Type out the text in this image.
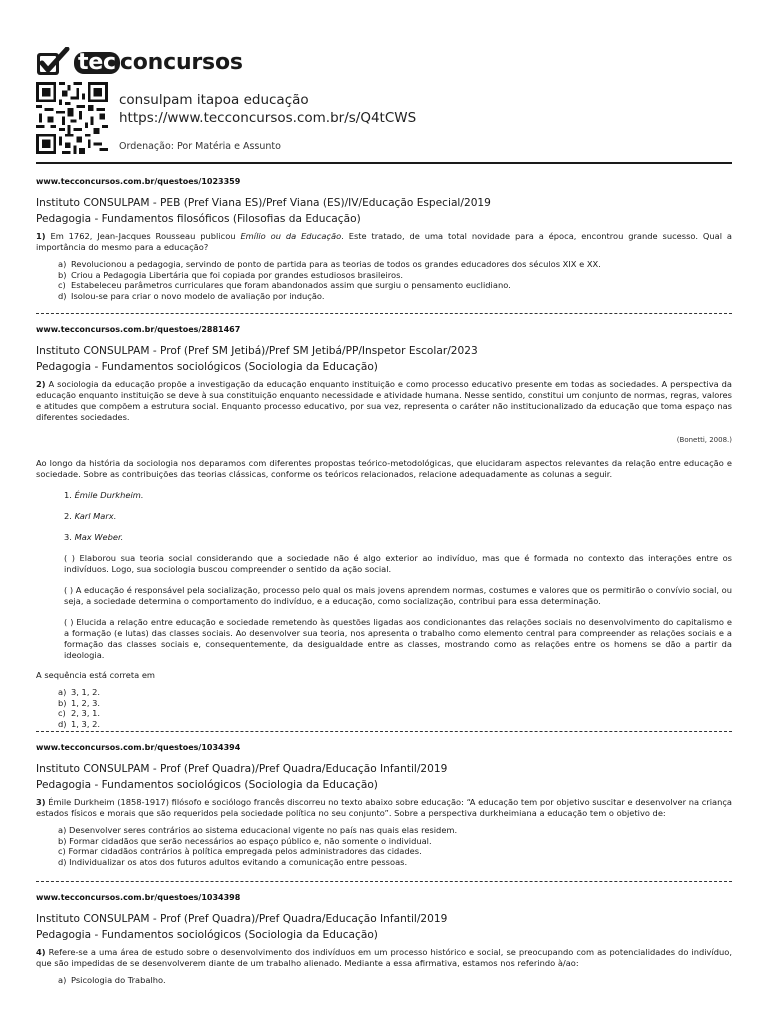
tec concursos
consulpam itapoa educação
https://www.tecconcursos.com.br/s/Q4tCWS
Ordenação: Por Matéria e Assunto
www.tecconcursos.com.br/questoes/1023359
Instituto CONSULPAM - PEB (Pref Viana ES)/Pref Viana (ES)/IV/Educação Especial/2019
Pedagogia - Fundamentos filosóficos (Filosofias da Educação)
1) Em 1762, Jean-Jacques Rousseau publicou Emílio ou da Educação. Este tratado, de uma total novidade para a época, encontrou grande sucesso. Qual a importância do mesmo para a educação?
a) Revolucionou a pedagogia, servindo de ponto de partida para as teorias de todos os grandes educadores dos séculos XIX e XX.
b) Criou a Pedagogia Libertária que foi copiada por grandes estudiosos brasileiros.
c) Estabeleceu parâmetros curriculares que foram abandonados assim que surgiu o pensamento euclidiano.
d) Isolou-se para criar o novo modelo de avaliação por indução.
www.tecconcursos.com.br/questoes/2881467
Instituto CONSULPAM - Prof (Pref SM Jetibá)/Pref SM Jetibá/PP/Inspetor Escolar/2023
Pedagogia - Fundamentos sociológicos (Sociologia da Educação)
2) A sociologia da educação propõe a investigação da educação enquanto instituição e como processo educativo presente em todas as sociedades. A perspectiva da educação enquanto instituição se deve à sua constituição enquanto necessidade e atividade humana. Nesse sentido, constitui um conjunto de normas, regras, valores e atitudes que compõem a estrutura social. Enquanto processo educativo, por sua vez, representa o caráter não institucionalizado da educação que toma espaço nas diferentes sociedades.
(Bonetti, 2008.)
Ao longo da história da sociologia nos deparamos com diferentes propostas teórico-metodológicas, que elucidaram aspectos relevantes da relação entre educação e sociedade. Sobre as contribuições das teorias clássicas, conforme os teóricos relacionados, relacione adequadamente as colunas a seguir.
1. Émile Durkheim.
2. Karl Marx.
3. Max Weber.
( ) Elaborou sua teoria social considerando que a sociedade não é algo exterior ao indivíduo, mas que é formada no contexto das interações entre os indivíduos. Logo, sua sociologia buscou compreender o sentido da ação social.
( ) A educação é responsável pela socialização, processo pelo qual os mais jovens aprendem normas, costumes e valores que os permitirão o convívio social, ou seja, a sociedade determina o comportamento do indivíduo, e a educação, como socialização, contribui para essa determinação.
( ) Elucida a relação entre educação e sociedade remetendo às questões ligadas aos condicionantes das relações sociais no desenvolvimento do capitalismo e a formação (e lutas) das classes sociais. Ao desenvolver sua teoria, nos apresenta o trabalho como elemento central para compreender as relações sociais e a formação das classes sociais e, consequentemente, da desigualdade entre as classes, mostrando como as relações entre os homens se dão a partir da ideologia.
A sequência está correta em
a) 3, 1, 2.
b) 1, 2, 3.
c) 2, 3, 1.
d) 1, 3, 2.
www.tecconcursos.com.br/questoes/1034394
Instituto CONSULPAM - Prof (Pref Quadra)/Pref Quadra/Educação Infantil/2019
Pedagogia - Fundamentos sociológicos (Sociologia da Educação)
3) Émile Durkheim (1858-1917) filósofo e sociólogo francês discorreu no texto abaixo sobre educação: “A educação tem por objetivo suscitar e desenvolver na criança estados físicos e morais que são requeridos pela sociedade política no seu conjunto”. Sobre a perspectiva durkheimiana a educação tem o objetivo de:
a) Desenvolver seres contrários ao sistema educacional vigente no país nas quais elas residem.
b) Formar cidadãos que serão necessários ao espaço público e, não somente o individual.
c) Formar cidadãos contrários à política empregada pelos administradores das cidades.
d) Individualizar os atos dos futuros adultos evitando a comunicação entre pessoas.
www.tecconcursos.com.br/questoes/1034398
Instituto CONSULPAM - Prof (Pref Quadra)/Pref Quadra/Educação Infantil/2019
Pedagogia - Fundamentos sociológicos (Sociologia da Educação)
4) Refere-se a uma área de estudo sobre o desenvolvimento dos indivíduos em um processo histórico e social, se preocupando com as potencialidades do indivíduo, que são impedidas de se desenvolverem diante de um trabalho alienado. Mediante a essa afirmativa, estamos nos referindo à/ao:
a) Psicologia do Trabalho.
